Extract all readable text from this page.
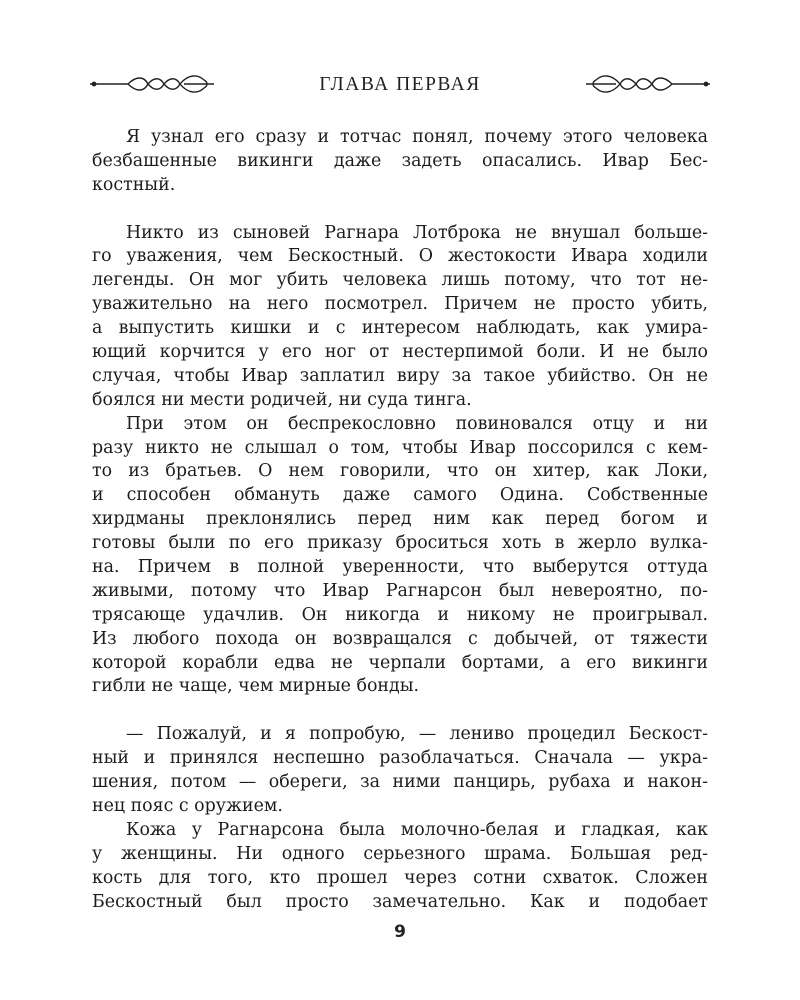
ГЛАВА ПЕРВАЯ
Я узнал его сразу и тотчас понял, почему этого человека
безбашенные викинги даже задеть опасались. Ивар Бес-
костный.
Никто из сыновей Рагнара Лотброка не внушал большe-
го уважения, чем Бескостный. О жестокости Ивара ходили
легенды. Он мог убить человека лишь потому, что тот не-
уважительно на него посмотрел. Причем не просто убить,
а выпустить кишки и с интересом наблюдать, как умира-
ющий корчится у его ног от нестерпимой боли. И не было
случая, чтобы Ивар заплатил виру за такое убийство. Он не
боялся ни мести родичей, ни суда тинга.
При этом он беспрекословно повиновался отцу и ни
разу никто не слышал о том, чтобы Ивар поссорился с кем-
то из братьев. О нем говорили, что он хитер, как Локи,
и способен обмануть даже самого Одина. Собственные
хирдманы преклонялись перед ним как перед богом и
готовы были по его приказу броситься хоть в жерло вулка-
на. Причем в полной уверенности, что выберутся оттуда
живыми, потому что Ивар Рагнарсон был невероятно, по-
трясающе удачлив. Он никогда и никому не проигрывал.
Из любого похода он возвращался с добычей, от тяжести
которой корабли едва не черпали бортами, а его викинги
гибли не чаще, чем мирные бонды.
— Пожалуй, и я попробую, — лениво процедил Бескост-
ный и принялся неспешно разоблачаться. Сначала — укра-
шения, потом — обереги, за ними панцирь, рубаха и након-
нец пояс с оружием.
Кожа у Рагнарсона была молочно-белая и гладкая, как
у женщины. Ни одного серьезного шрама. Большая ред-
кость для того, кто прошел через сотни схваток. Сложен
Бескостный был просто замечательно. Как и подобает
9
